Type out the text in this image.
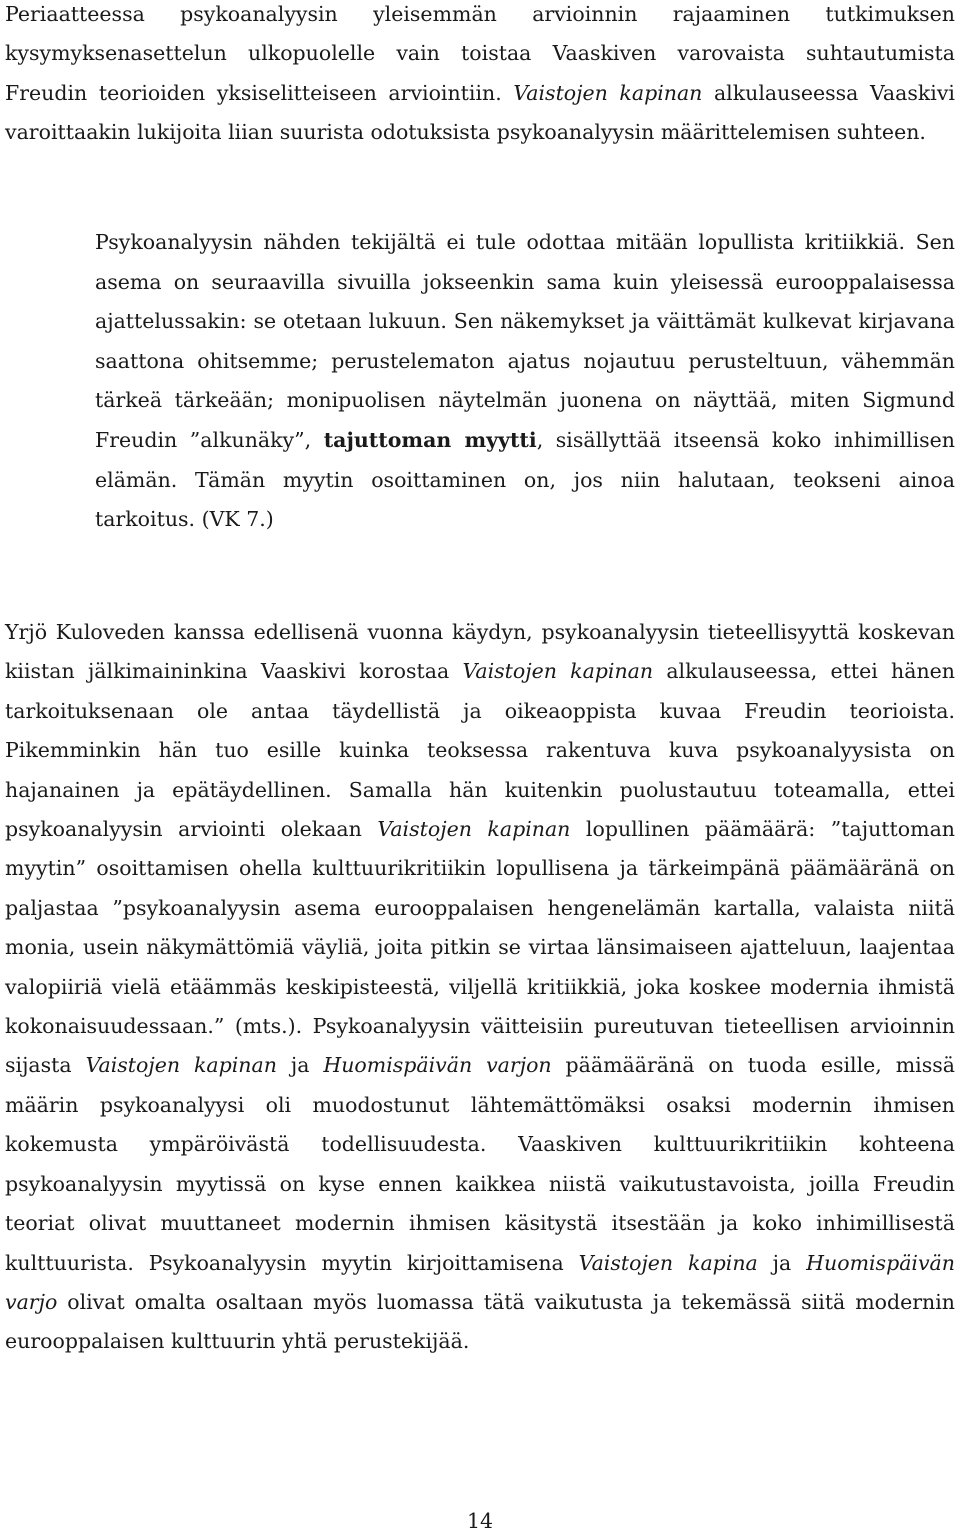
Periaatteessa psykoanalyysin yleisemmän arvioinnin rajaaminen tutkimuksen kysymyksenasettelun ulkopuolelle vain toistaa Vaaskiven varovaista suhtautumista Freudin teorioiden yksiselitteiseen arviointiin. Vaistojen kapinan alkulauseessa Vaaskivi varoittaakin lukijoita liian suurista odotuksista psykoanalyysin määrittelemisen suhteen.

Psykoanalyysin nähden tekijältä ei tule odottaa mitään lopullista kritiikkiä. Sen asema on seuraavilla sivuilla jokseenkin sama kuin yleisessä eurooppalaisessa ajattelussakin: se otetaan lukuun. Sen näkemykset ja väittämät kulkevat kirjavana saattona ohitsemme; perustelematon ajatus nojautuu perusteltuun, vähemmän tärkeä tärkeään; monipuolisen näytelmän juonena on näyttää, miten Sigmund Freudin ”alkunäky”, tajuttoman myytti, sisällyttää itseensä koko inhimillisen elämän. Tämän myytin osoittaminen on, jos niin halutaan, teokseni ainoa tarkoitus. (VK 7.)

Yrjö Kuloveden kanssa edellisenä vuonna käydyn, psykoanalyysin tieteellisyyttä koskevan kiistan jälkimaininkina Vaaskivi korostaa Vaistojen kapinan alkulauseessa, ettei hänen tarkoituksenaan ole antaa täydellistä ja oikeaoppista kuvaa Freudin teorioista. Pikemminkin hän tuo esille kuinka teoksessa rakentuva kuva psykoanalyysista on hajanainen ja epätäydellinen. Samalla hän kuitenkin puolustautuu toteamalla, ettei psykoanalyysin arviointi olekaan Vaistojen kapinan lopullinen päämäärä: ”tajuttoman myytin” osoittamisen ohella kulttuurikritiikin lopullisena ja tärkeimpänä päämääränä on paljastaa ”psykoanalyysin asema eurooppalaisen hengenelämän kartalla, valaista niitä monia, usein näkymättömiä väyliä, joita pitkin se virtaa länsimaiseen ajatteluun, laajentaa valopiiriä vielä etäämmäs keskipisteestä, viljellä kritiikkiä, joka koskee modernia ihmistä kokonaisuudessaan.” (mts.). Psykoanalyysin väitteisiin pureutuvan tieteellisen arvioinnin sijasta Vaistojen kapinan ja Huomispäivän varjon päämääränä on tuoda esille, missä määrin psykoanalyysi oli muodostunut lähtemättömäksi osaksi modernin ihmisen kokemusta ympäröivästä todellisuudesta. Vaaskiven kulttuurikritiikin kohteena psykoanalyysin myytissä on kyse ennen kaikkea niistä vaikutustavoista, joilla Freudin teoriat olivat muuttaneet modernin ihmisen käsitystä itsestään ja koko inhimillisestä kulttuurista. Psykoanalyysin myytin kirjoittamisena Vaistojen kapina ja Huomispäivän varjo olivat omalta osaltaan myös luomassa tätä vaikutusta ja tekemässä siitä modernin eurooppalaisen kulttuurin yhtä perustekijää.

14
